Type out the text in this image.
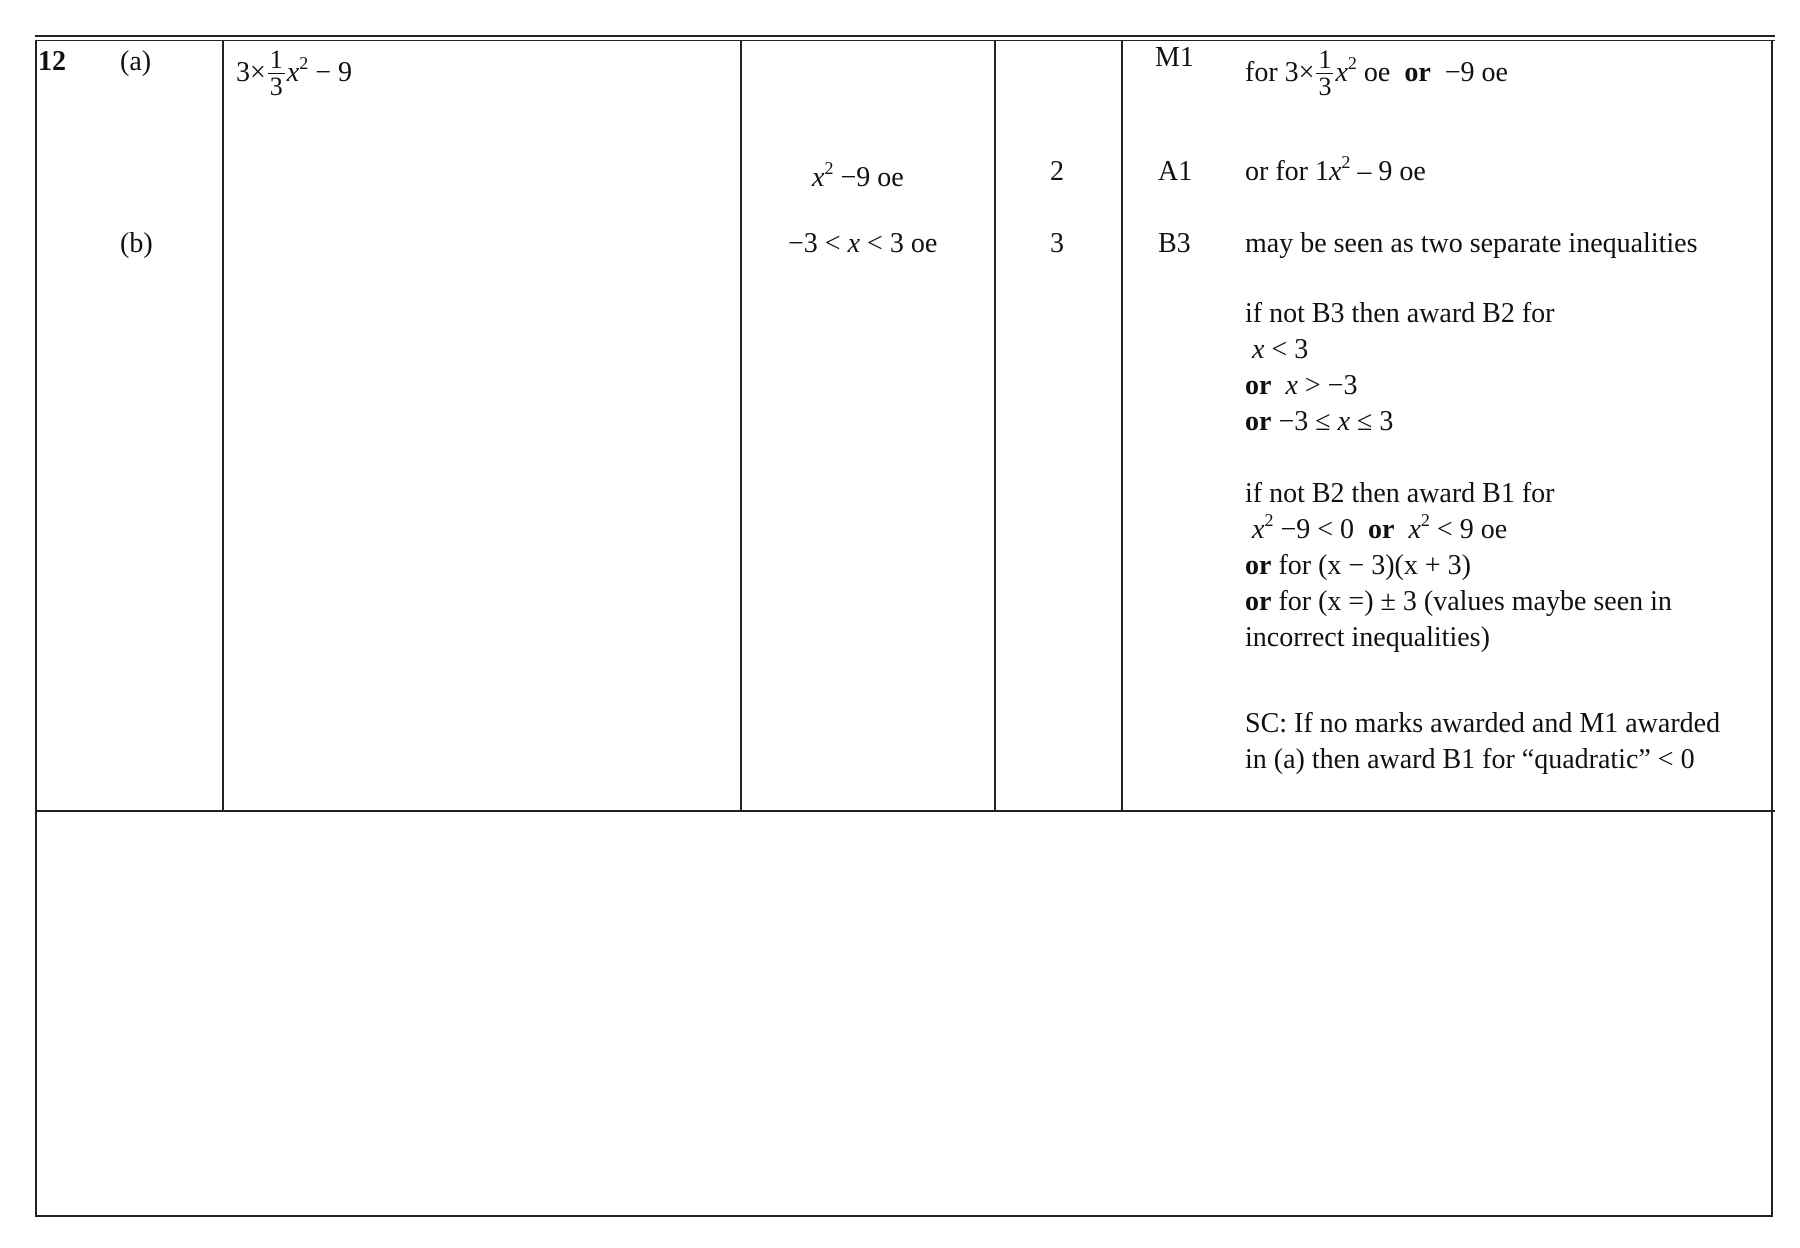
12 (a)
(b)
$3\times \frac{1}{3} x^2 - 9$
$x^2 -9$ oe
−3 < x < 3 oe
2
3
M1
A1
B3
for $3\times \frac{1}{3} x^2$ oe  or  −9 oe
or for $1x^2 - 9$ oe
may be seen as two separate inequalities

if not B3 then award B2 for

x < 3

or x > −3

or −3 ≤ x ≤ 3

if not B2 then award B1 for

$x^2 -9 < 0$  or $x^2 < 9$ oe

or for (x − 3)(x + 3)

or for (x =) ± 3 (values maybe seen in

incorrect inequalities)

SC: If no marks awarded and M1 awarded

in (a) then award B1 for “quadratic” < 0
